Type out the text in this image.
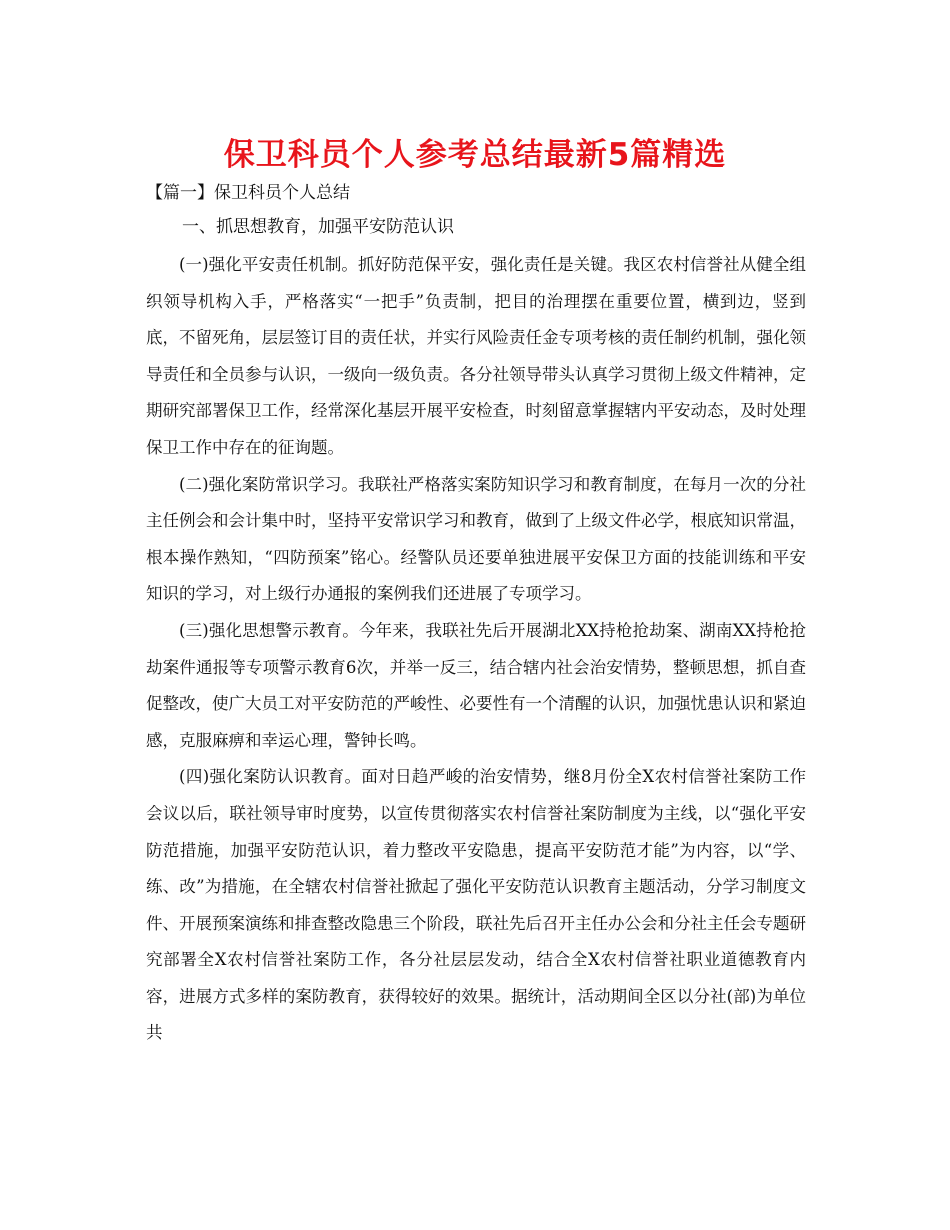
保卫科员个人参考总结最新5篇精选
【篇一】保卫科员个人总结
一、抓思想教育，加强平安防范认识

(一)强化平安责任机制。抓好防范保平安，强化责任是关键。我区农村信誉社从健全组织领导机构入手，严格落实“一把手”负责制，把目的治理摆在重要位置，横到边，竖到底，不留死角，层层签订目的责任状，并实行风险责任金专项考核的责任制约机制，强化领导责任和全员参与认识，一级向一级负责。各分社领导带头认真学习贯彻上级文件精神，定期研究部署保卫工作，经常深化基层开展平安检查，时刻留意掌握辖内平安动态，及时处理保卫工作中存在的征询题。

(二)强化案防常识学习。我联社严格落实案防知识学习和教育制度，在每月一次的分社主任例会和会计集中时，坚持平安常识学习和教育，做到了上级文件必学，根底知识常温，根本操作熟知，“四防预案”铭心。经警队员还要单独进展平安保卫方面的技能训练和平安知识的学习，对上级行办通报的案例我们还进展了专项学习。

(三)强化思想警示教育。今年来，我联社先后开展湖北XX持枪抢劫案、湖南XX持枪抢劫案件通报等专项警示教育6次，并举一反三，结合辖内社会治安情势，整顿思想，抓自查促整改，使广大员工对平安防范的严峻性、必要性有一个清醒的认识，加强忧患认识和紧迫感，克服麻痹和幸运心理，警钟长鸣。

(四)强化案防认识教育。面对日趋严峻的治安情势，继8月份全X农村信誉社案防工作会议以后，联社领导审时度势，以宣传贯彻落实农村信誉社案防制度为主线，以“强化平安防范措施，加强平安防范认识，着力整改平安隐患，提高平安防范才能”为内容，以“学、练、改”为措施，在全辖农村信誉社掀起了强化平安防范认识教育主题活动，分学习制度文件、开展预案演练和排查整改隐患三个阶段，联社先后召开主任办公会和分社主任会专题研究部署全X农村信誉社案防工作，各分社层层发动，结合全X农村信誉社职业道德教育内容，进展方式多样的案防教育，获得较好的效果。据统计，活动期间全区以分社(部)为单位共
